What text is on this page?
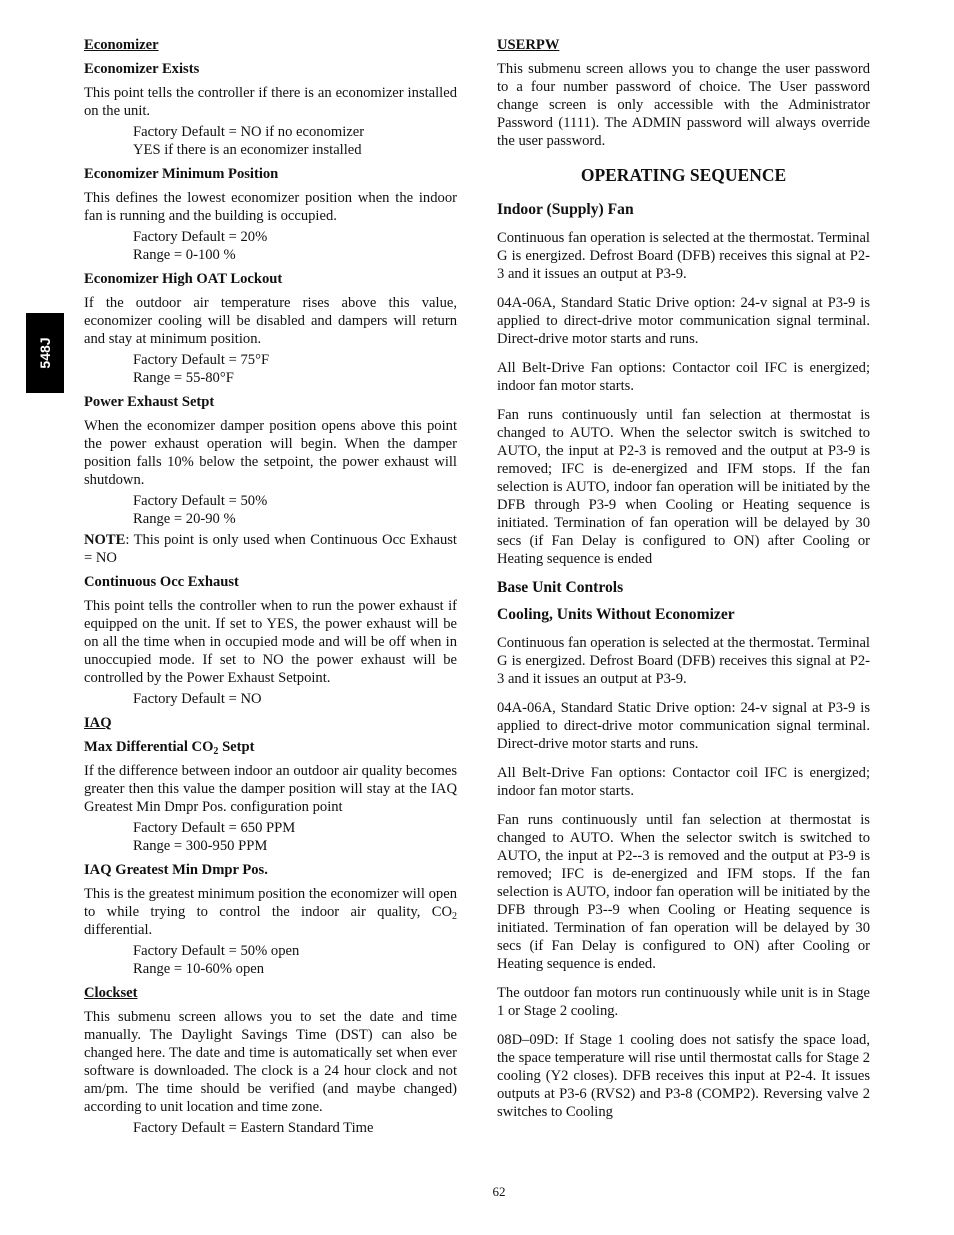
548J
Economizer
Economizer Exists

This point tells the controller if there is an economizer installed on the unit.

Factory Default = NO if no economizer
YES if there is an economizer installed
Economizer Minimum Position

This defines the lowest economizer position when the indoor fan is running and the building is occupied.

Factory Default = 20%
Range = 0-100 %
Economizer High OAT Lockout

If the outdoor air temperature rises above this value, economizer cooling will be disabled and dampers will return and stay at minimum position.

Factory Default = 75°F
Range = 55-80°F
Power Exhaust Setpt

When the economizer damper position opens above this point the power exhaust operation will begin. When the damper position falls 10% below the setpoint, the power exhaust will shutdown.

Factory Default = 50%
Range = 20-90 %

NOTE: This point is only used when Continuous Occ Exhaust = NO

Continuous Occ Exhaust

This point tells the controller when to run the power exhaust if equipped on the unit. If set to YES, the power exhaust will be on all the time when in occupied mode and will be off when in unoccupied mode. If set to NO the power exhaust will be controlled by the Power Exhaust Setpoint.

Factory Default = NO
IAQ
Max Differential $CO_2$ Setpt

If the difference between indoor an outdoor air quality becomes greater then this value the damper position will stay at the IAQ Greatest Min Dmpr Pos. configuration point

Factory Default = 650 PPM
Range = 300-950 PPM
IAQ Greatest Min Dmpr Pos.

This is the greatest minimum position the economizer will open to while trying to control the indoor air quality, $CO_2$ differential.

Factory Default = 50% open
Range = 10-60% open
Clockset

This submenu screen allows you to set the date and time manually. The Daylight Savings Time (DST) can also be changed here. The date and time is automatically set when ever software is downloaded. The clock is a 24 hour clock and not am/pm. The time should be verified (and maybe changed) according to unit location and time zone.

Factory Default = Eastern Standard Time
USERPW

This submenu screen allows you to change the user password to a four number password of choice. The User password change screen is only accessible with the Administrator Password (1111). The ADMIN password will always override the user password.

OPERATING SEQUENCE
Indoor (Supply) Fan

Continuous fan operation is selected at the thermostat. Terminal G is energized. Defrost Board (DFB) receives this signal at P2-3 and it issues an output at P3-9.

04A-06A, Standard Static Drive option: 24-v signal at P3-9 is applied to direct-drive motor communication signal terminal. Direct-drive motor starts and runs.

All Belt-Drive Fan options: Contactor coil IFC is energized; indoor fan motor starts.

Fan runs continuously until fan selection at thermostat is changed to AUTO. When the selector switch is switched to AUTO, the input at P2-3 is removed and the output at P3-9 is removed; IFC is de-energized and IFM stops. If the fan selection is AUTO, indoor fan operation will be initiated by the DFB through P3-9 when Cooling or Heating sequence is initiated. Termination of fan operation will be delayed by 30 secs (if Fan Delay is configured to ON) after Cooling or Heating sequence is ended

Base Unit Controls
Cooling, Units Without Economizer

Continuous fan operation is selected at the thermostat. Terminal G is energized. Defrost Board (DFB) receives this signal at P2-3 and it issues an output at P3-9.

04A-06A, Standard Static Drive option: 24-v signal at P3-9 is applied to direct-drive motor communication signal terminal. Direct-drive motor starts and runs.

All Belt-Drive Fan options: Contactor coil IFC is energized; indoor fan motor starts.

Fan runs continuously until fan selection at thermostat is changed to AUTO. When the selector switch is switched to AUTO, the input at P2--3 is removed and the output at P3-9 is removed; IFC is de-energized and IFM stops. If the fan selection is AUTO, indoor fan operation will be initiated by the DFB through P3--9 when Cooling or Heating sequence is initiated. Termination of fan operation will be delayed by 30 secs (if Fan Delay is configured to ON) after Cooling or Heating sequence is ended.

The outdoor fan motors run continuously while unit is in Stage 1 or Stage 2 cooling.

08D–09D: If Stage 1 cooling does not satisfy the space load, the space temperature will rise until thermostat calls for Stage 2 cooling (Y2 closes). DFB receives this input at P2-4. It issues outputs at P3-6 (RVS2) and P3-8 (COMP2). Reversing valve 2 switches to Cooling

62
